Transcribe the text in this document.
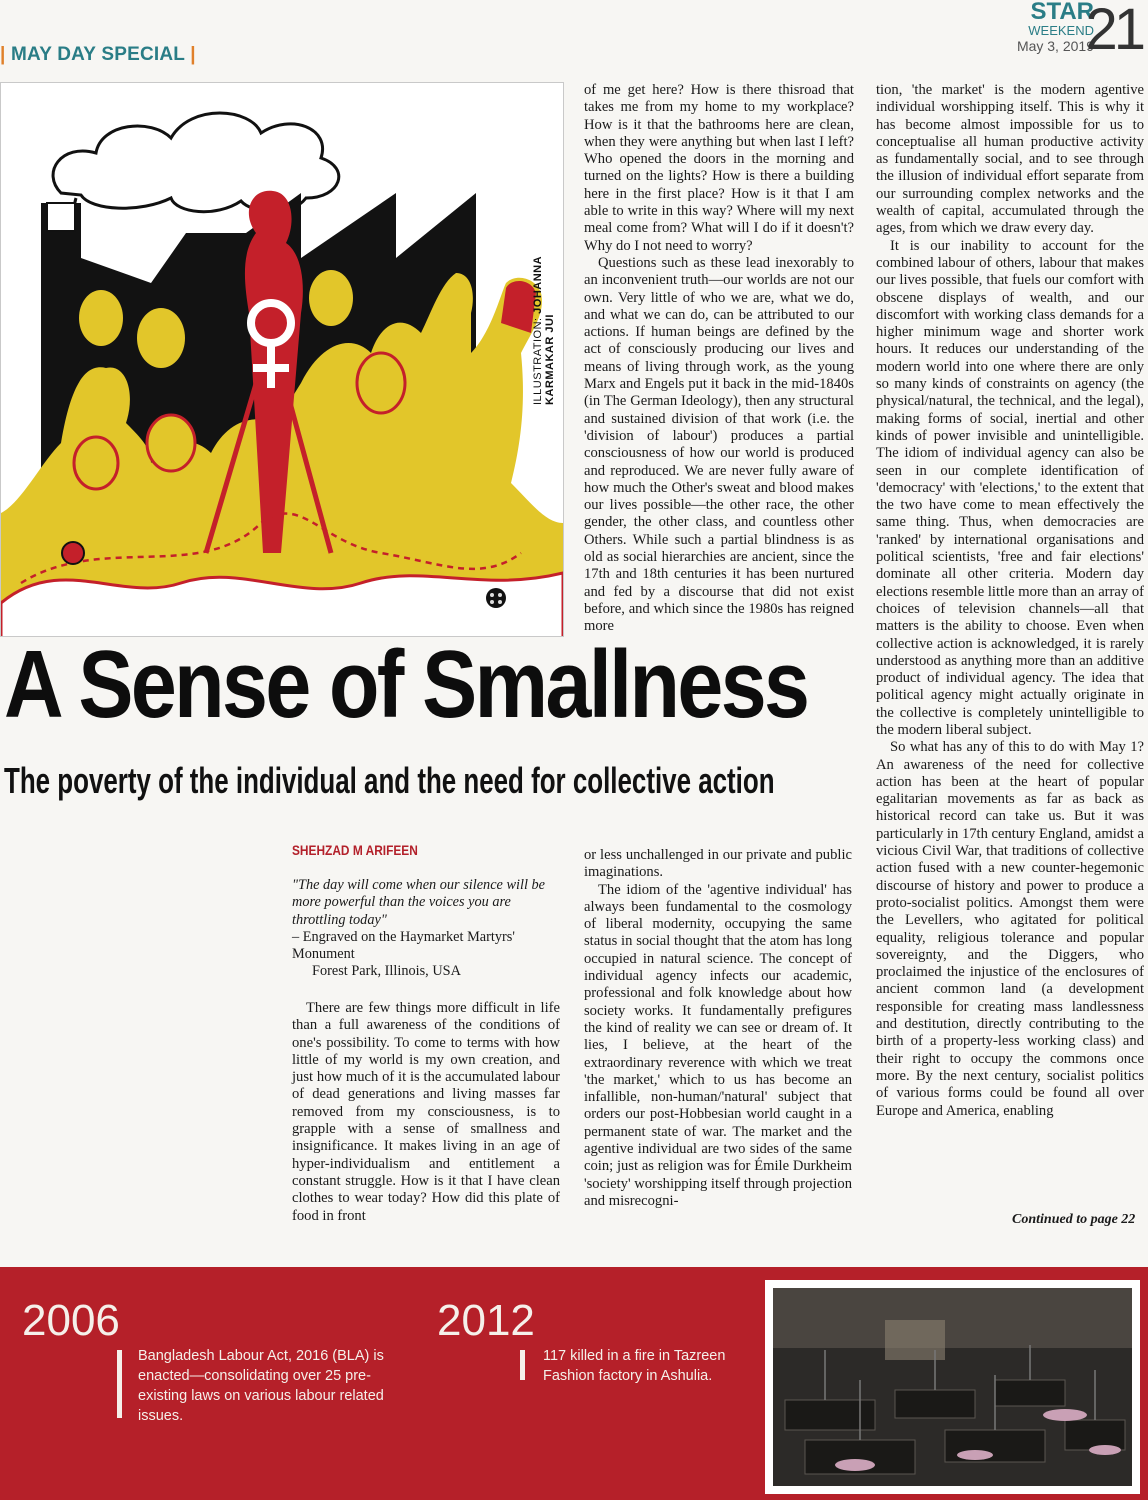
| MAY DAY SPECIAL |
STAR
WEEKEND
May 3, 2019
21
ILLUSTRATION: JOHANNA KARMAKAR JUI
A Sense of Smallness
The poverty of the individual and the need for collective action
SHEHZAD M ARIFEEN
"The day will come when our silence will be more powerful than the voices you are throttling today"
– Engraved on the Haymarket Martyrs' Monument
Forest Park, Illinois, USA

There are few things more difficult in life than a full awareness of the conditions of one's possibility. To come to terms with how little of my world is my own creation, and just how much of it is the accumulated labour of dead generations and living masses far removed from my consciousness, is to grapple with a sense of smallness and insignificance. It makes living in an age of hyper-individualism and entitlement a constant struggle. How is it that I have clean clothes to wear today? How did this plate of food in front

of me get here? How is there thisroad that takes me from my home to my workplace? How is it that the bathrooms here are clean, when they were anything but when last I left? Who opened the doors in the morning and turned on the lights? How is there a building here in the first place? How is it that I am able to write in this way? Where will my next meal come from? What will I do if it doesn't? Why do I not need to worry?

Questions such as these lead inexorably to an inconvenient truth—our worlds are not our own. Very little of who we are, what we do, and what we can do, can be attributed to our actions. If human beings are defined by the act of consciously producing our lives and means of living through work, as the young Marx and Engels put it back in the mid-1840s (in The German Ideology), then any structural and sustained division of that work (i.e. the 'division of labour') produces a partial consciousness of how our world is produced and reproduced. We are never fully aware of how much the Other's sweat and blood makes our lives possible—the other race, the other gender, the other class, and countless other Others. While such a partial blindness is as old as social hierarchies are ancient, since the 17th and 18th centuries it has been nurtured and fed by a discourse that did not exist before, and which since the 1980s has reigned more

or less unchallenged in our private and public imaginations.

The idiom of the 'agentive individual' has always been fundamental to the cosmology of liberal modernity, occupying the same status in social thought that the atom has long occupied in natural science. The concept of individual agency infects our academic, professional and folk knowledge about how society works. It fundamentally prefigures the kind of reality we can see or dream of. It lies, I believe, at the heart of the extraordinary reverence with which we treat 'the market,' which to us has become an infallible, non-human/'natural' subject that orders our post-Hobbesian world caught in a permanent state of war. The market and the agentive individual are two sides of the same coin; just as religion was for Émile Durkheim 'society' worshipping itself through projection and misrecogni-

tion, 'the market' is the modern agentive individual worshipping itself. This is why it has become almost impossible for us to conceptualise all human productive activity as fundamentally social, and to see through the illusion of individual effort separate from our surrounding complex networks and the wealth of capital, accumulated through the ages, from which we draw every day.

It is our inability to account for the combined labour of others, labour that makes our lives possible, that fuels our comfort with obscene displays of wealth, and our discomfort with working class demands for a higher minimum wage and shorter work hours. It reduces our understanding of the modern world into one where there are only so many kinds of constraints on agency (the physical/natural, the technical, and the legal), making forms of social, inertial and other kinds of power invisible and unintelligible. The idiom of individual agency can also be seen in our complete identification of 'democracy' with 'elections,' to the extent that the two have come to mean effectively the same thing. Thus, when democracies are 'ranked' by international organisations and political scientists, 'free and fair elections' dominate all other criteria. Modern day elections resemble little more than an array of choices of television channels—all that matters is the ability to choose. Even when collective action is acknowledged, it is rarely understood as anything more than an additive product of individual agency. The idea that political agency might actually originate in the collective is completely unintelligible to the modern liberal subject.

So what has any of this to do with May 1? An awareness of the need for collective action has been at the heart of popular egalitarian movements as far as back as historical record can take us. But it was particularly in 17th century England, amidst a vicious Civil War, that traditions of collective action fused with a new counter-hegemonic discourse of history and power to produce a proto-socialist politics. Amongst them were the Levellers, who agitated for political equality, religious tolerance and popular sovereignty, and the Diggers, who proclaimed the injustice of the enclosures of ancient common land (a development responsible for creating mass landlessness and destitution, directly contributing to the birth of a property-less working class) and their right to occupy the commons once more. By the next century, socialist politics of various forms could be found all over Europe and America, enabling

Continued to page 22
2006
Bangladesh Labour Act, 2016 (BLA) is enacted—consolidating over 25 pre-existing laws on various labour related issues.
2012
117 killed in a fire in Tazreen Fashion factory in Ashulia.
